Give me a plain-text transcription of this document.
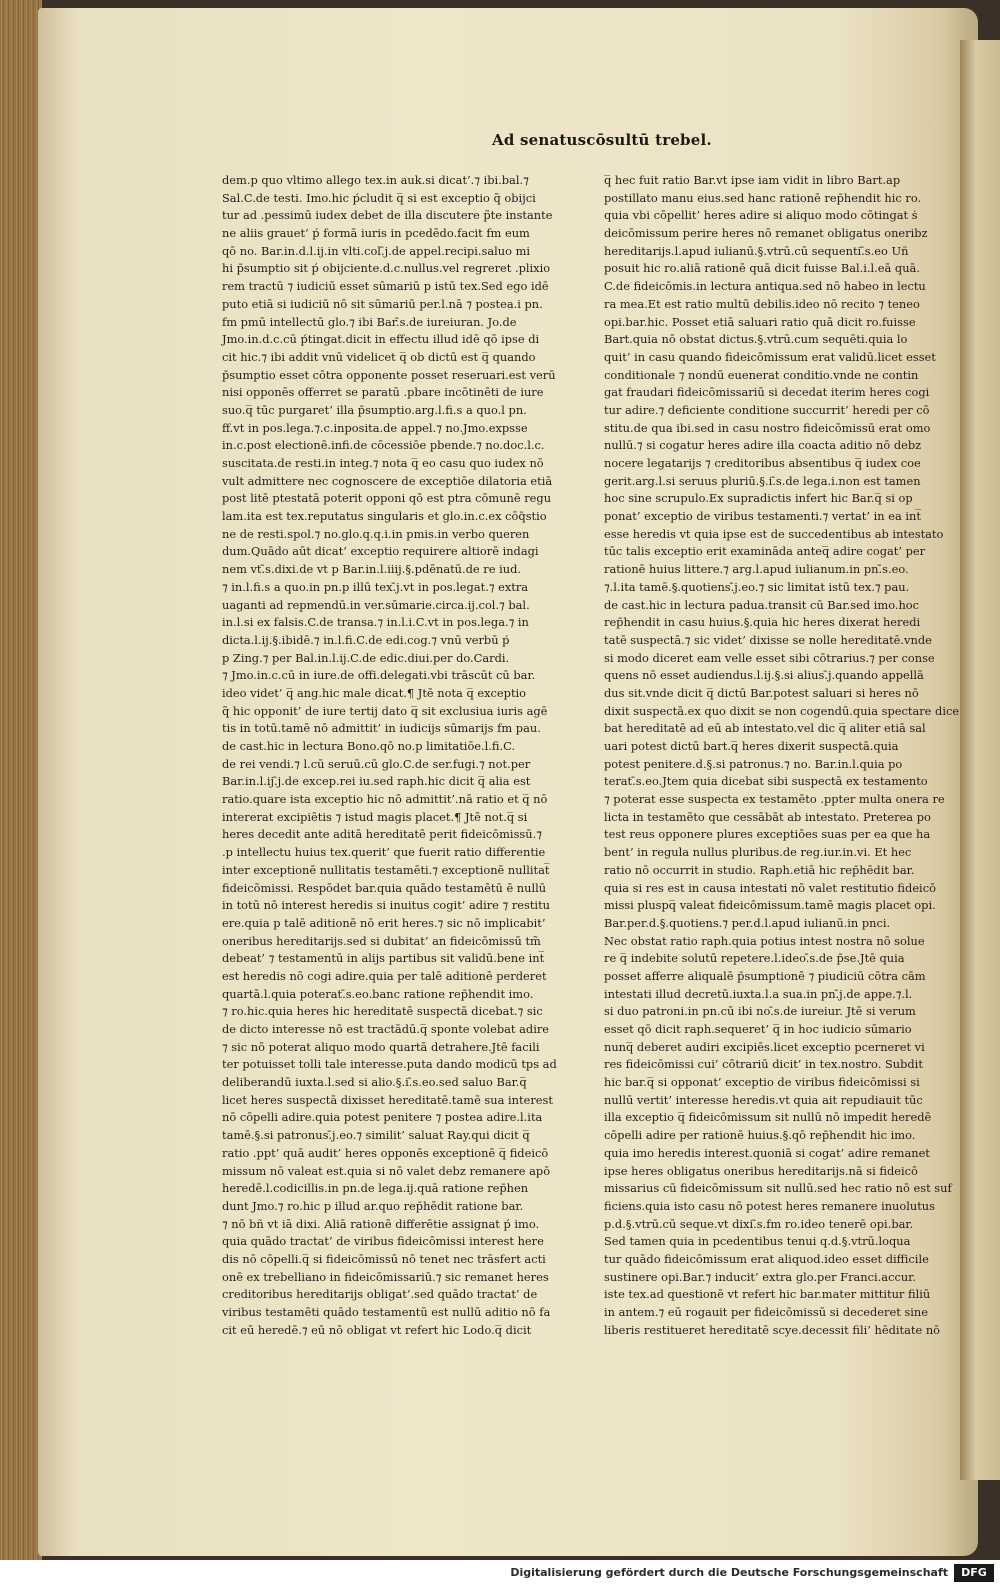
Ad senatuscōsultū trebel.
dem.p quo vltimo allego tex.in auk.si dicat’.⁊ ibi.bal.⁊
Sal.C.de testi. Imo.hic ṕcludit q̅ si est exceptio q̃ obijci
tur ad .pessimū iudex debet de illa discutere p̃te instante
ne aliis grauet’ ṕ formā iuris in pcedēdo.facit fm eum
qō no. Bar.in.d.l.ij.in vlti.col.̄j.de appel.recipi.saluo mi
hi p̄sumptio sit ṕ obijciente.d.c.nullus.vel regreret .plixio
rem tractū ⁊ iudiciū esset sūmariū p istū tex.Sed ego idē
puto etiā si iudiciū nō sit sūmariū per.l.nā ⁊ postea.i pn.
fm pmū intellectū glo.⁊ ibi Bar.̄s.de iureiuran. Jo.de
Jmo.in.d.c.cū ṕtingat.dicit in effectu illud idē qō ipse di
cit hic.⁊ ibi addit vnū videlicet q̅ ob dictū est q̅ quando
p̄sumptio esset cōtra opponente posset reseruari.est verū
nisi opponēs offerret se paratū .pbare incōtinēti de iure
suo.q̅ tūc purgaret’ illa p̄sumptio.arg.l.fi.s a quo.l pn.
ff.vt in pos.lega.⁊.c.inposita.de appel.⁊ no.Jmo.expsse
in.c.post electionē.infi.de cōcessiōe pbende.⁊ no.doc.l.c.
suscitata.de resti.in integ.⁊ nota q̅ eo casu quo iudex nō
vult admittere nec cognoscere de exceptiōe dilatoria etiā
post litē ptestatā poterit opponi qō est ptra cōmunē regu
lam.ita est tex.reputatus singularis et glo.in.c.ex cōq̄stio
ne de resti.spol.⁊ no.glo.q.q.i.in pmis.in verbo queren
dum.Quādo aūt dicat’ exceptio requirere altiorē indagi
nem vt.̄s.dixi.de vt p Bar.in.l.iiij.§.pdēnatū.de re iud.
⁊ in.l.fi.s a quo.in pn.p illū tex.̄j.vt in pos.legat.⁊ extra
uaganti ad repmendū.in ver.sūmarie.circa.ij.col.⁊ bal.
in.l.si ex falsis.C.de transa.⁊ in.l.i.C.vt in pos.lega.⁊ in
dicta.l.ij.§.ibidē.⁊ in.l.fi.C.de edi.cog.⁊ vnū verbū ṕ
p Zing.⁊ per Bal.in.l.ij.C.de edic.diui.per do.Cardi.
⁊ Jmo.in.c.cū in iure.de offi.delegati.vbi trāscūt cū bar.
ideo videt’ q̅ ang.hic male dicat.¶ Jtē nota q̅ exceptio
q̃ hic opponit’ de iure tertij dato q̅ sit exclusiua iuris agē
tis in totū.tamē nō admittit’ in iudicijs sūmarijs fm pau.
de cast.hic in lectura Bono.qō no.p limitatiōe.l.fi.C.
de rei vendi.⁊ l.cū seruū.cū glo.C.de ser.fugi.⁊ not.per
Bar.in.l.ij.̄j.de excep.rei iu.sed raph.hic dicit q̅ alia est
ratio.quare ista exceptio hic nō admittit’.nā ratio et q̅ nō
intererat excipiētis ⁊ istud magis placet.¶ Jtē not.q̅ si
heres decedit ante aditā hereditatē perit fideicōmissū.⁊
.p intellectu huius tex.querit’ que fuerit ratio differentie
inter exceptionē nullitatis testamēti.⁊ exceptionē nullitat̅
fideicōmissi. Respōdet bar.quia quādo testamētū ē nullū
in totū nō interest heredis si inuitus cogit’ adire ⁊ restitu
ere.quia p talē aditionē nō erit heres.⁊ sic nō implicabit’
oneribus hereditarijs.sed si dubitat’ an fideicōmissū tm̃
debeat’ ⁊ testamentū in alijs partibus sit validū.bene int̅
est heredis nō cogi adire.quia per talē aditionē perderet
quartā.l.quia poterat.̄s.eo.banc ratione rep̄hendit imo.
⁊ ro.hic.quia heres hic hereditatē suspectā dicebat.⁊ sic
de dicto interesse nō est tractādū.q̅ sponte volebat adire
⁊ sic nō poterat aliquo modo quartā detrahere.Jtē facili
ter potuisset tolli tale interesse.puta dando modicū tps ad
deliberandū iuxta.l.sed si alio.§.i.̄s.eo.sed saluo Bar.q̅
licet heres suspectā dixisset hereditatē.tamē sua interest
nō cōpelli adire.quia potest penitere ⁊ postea adire.l.ita
tamē.§.si patronus.̄j.eo.⁊ similit’ saluat Ray.qui dicit q̅
ratio .ppt’ quā audit’ heres opponēs exceptionē q̅ fideicō
missum nō valeat est.quia si nō valet debz remanere apō
heredē.l.codicillis.in pn.de lega.ij.quā ratione rep̄hen
dunt Jmo.⁊ ro.hic p illud ar.quo rep̄hēdit ratione bar.
⁊ nō bñ vt iā dixi. Aliā rationē differētie assignat ṕ imo.
quia quādo tractat’ de viribus fideicōmissi interest here
dis nō cōpelli.q̅ si fideicōmissū nō tenet nec trāsfert acti
onē ex trebelliano in fideicōmissariū.⁊ sic remanet heres
creditoribus hereditarijs obligat’.sed quādo tractat’ de
viribus testamēti quādo testamentū est nullū aditio nō fa
cit eū heredē.⁊ eū nō obligat vt refert hic Lodo.q̅ dicit
q̅ hec fuit ratio Bar.vt ipse iam vidit in libro Bart.ap
postillato manu eius.sed hanc rationē rep̄hendit hic ro.
quia vbi cōpellit’ heres adire si aliquo modo cōtingat ṡ
deicōmissum perire heres nō remanet obligatus oneribz
hereditarijs.l.apud iulianū.§.vtrū.cū sequenti.̄s.eo Uñ
posuit hic ro.aliā rationē quā dicit fuisse Bal.i.l.eā quā.
C.de fideicōmis.in lectura antiqua.sed nō habeo in lectu
ra mea.Et est ratio multū debilis.ideo nō recito ⁊ teneo
opi.bar.hic. Posset etiā saluari ratio quā dicit ro.fuisse
Bart.quia nō obstat dictus.§.vtrū.cum sequēti.quia lo
quit’ in casu quando fideicōmissum erat validū.licet esset
conditionale ⁊ nondū euenerat conditio.vnde ne contin
gat fraudari fideicōmissariū si decedat iterim heres cogi
tur adire.⁊ deficiente conditione succurrit’ heredi per cō
stitu.de qua ibi.sed in casu nostro fideicōmissū erat omo
nullū.⁊ si cogatur heres adire illa coacta aditio nō debz
nocere legatarijs ⁊ creditoribus absentibus q̅ iudex coe
gerit.arg.l.si seruus pluriū.§.i.̄s.de lega.i.non est tamen
hoc sine scrupulo.Ex supradictis infert hic Bar.q̅ si op
ponat’ exceptio de viribus testamenti.⁊ vertat’ in ea int̅
esse heredis vt quia ipse est de succedentibus ab intestato
tūc talis exceptio erit examināda anteq̅ adire cogat’ per
rationē huius littere.⁊ arg.l.apud iulianum.in pn.̄s.eo.
⁊.l.ita tamē.§.quotiens.̄j.eo.⁊ sic limitat istū tex.⁊ pau.
de cast.hic in lectura padua.transit cū Bar.sed imo.hoc
rep̄hendit in casu huius.§.quia hic heres dixerat heredi
tatē suspectā.⁊ sic videt’ dixisse se nolle hereditatē.vnde
si modo diceret eam velle esset sibi cōtrarius.⁊ per conse
quens nō esset audiendus.l.ij.§.si alius.̄j.quando appellā
dus sit.vnde dicit q̅ dictū Bar.potest saluari si heres nō
dixit suspectā.ex quo dixit se non cogendū.quia spectare dice
bat hereditatē ad eū ab intestato.vel dic q̅ aliter etiā sal
uari potest dictū bart.q̅ heres dixerit suspectā.quia
potest penitere.d.§.si patronus.⁊ no. Bar.in.l.quia po
terat.̄s.eo.Jtem quia dicebat sibi suspectā ex testamento
⁊ poterat esse suspecta ex testamēto .ppter multa onera re
licta in testamēto que cessābāt ab intestato. Preterea po
test reus opponere plures exceptiōes suas per ea que ha
bent’ in regula nullus pluribus.de reg.iur.in.vi. Et hec
ratio nō occurrit in studio. Raph.etiā hic rep̄hēdit bar.
quia si res est in causa intestati nō valet restitutio fideicō
missi pluspq̅ valeat fideicōmissum.tamē magis placet opi.
Bar.per.d.§.quotiens.⁊ per.d.l.apud iulianū.in pnci.
Nec obstat ratio raph.quia potius intest nostra nō solue
re q̅ indebite solutū repetere.l.ideo.̄s.de p̄se.Jtē quia
posset afferre aliqualē p̄sumptionē ⁊ piudiciū cōtra cām
intestati illud decretū.iuxta.l.a sua.in pn.̄j.de appe.⁊.l.
si duo patroni.in pn.cū ibi no.̄s.de iureiur. Jtē si verum
esset qō dicit raph.sequeret’ q̅ in hoc iudicio sūmario
nunq̅ deberet audiri excipiēs.licet exceptio pcerneret vi
res fideicōmissi cui’ cōtrariū dicit’ in tex.nostro. Subdit
hic bar.q̅ si opponat’ exceptio de viribus fideicōmissi si
nullū vertit’ interesse heredis.vt quia ait repudiauit tūc
illa exceptio q̅ fideicōmissum sit nullū nō impedit heredē
cōpelli adire per rationē huius.§.qō rep̄hendit hic imo.
quia imo heredis interest.quoniā si cogat’ adire remanet
ipse heres obligatus oneribus hereditarijs.nā si fideicō
missarius cū fideicōmissum sit nullū.sed hec ratio nō est suf
ficiens.quia isto casu nō potest heres remanere inuolutus
p.d.§.vtrū.cū seque.vt dixi.̄s.fm ro.ideo tenerē opi.bar.
Sed tamen quia in pcedentibus tenui q.d.§.vtrū.loqua
tur quādo fideicōmissum erat aliquod.ideo esset difficile
sustinere opi.Bar.⁊ inducit’ extra glo.per Franci.accur.
iste tex.ad questionē vt refert hic bar.mater mittitur filiū
in antem.⁊ eū rogauit per fideicōmissū si decederet sine
liberis restitueret hereditatē scye.decessit fili’ hēditate nō
Digitalisierung gefördert durch die Deutsche Forschungsgemeinschaft	DFG
